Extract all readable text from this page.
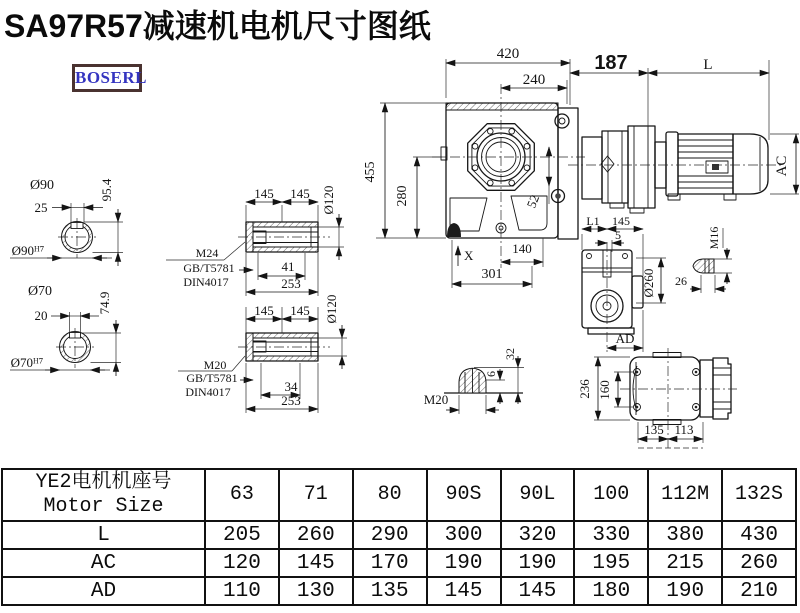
SA97R57减速机电机尺寸图纸
BOSERL
420
240
455
280	52
140
301
X
187	L
AC
Ø90
25
95.4
Ø90ᴴ⁷
Ø70
20
74.9
Ø70ᴴ⁷
145 145 Ø120
41
253
M24
GB/T5781
DIN4017
145 145 Ø120
34
253
M20
GB/T5781
DIN4017
L1 145
5
Ø260
AD
M16
26
M20
6
32
236 160
135 113
YE2电机机座号
Motor Size	63	71	80	90S	90L	100	112M	132S
L	205	260	290	300	320	330	380	430
AC	120	145	170	190	190	195	215	260
AD	110	130	135	145	145	180	190	210
